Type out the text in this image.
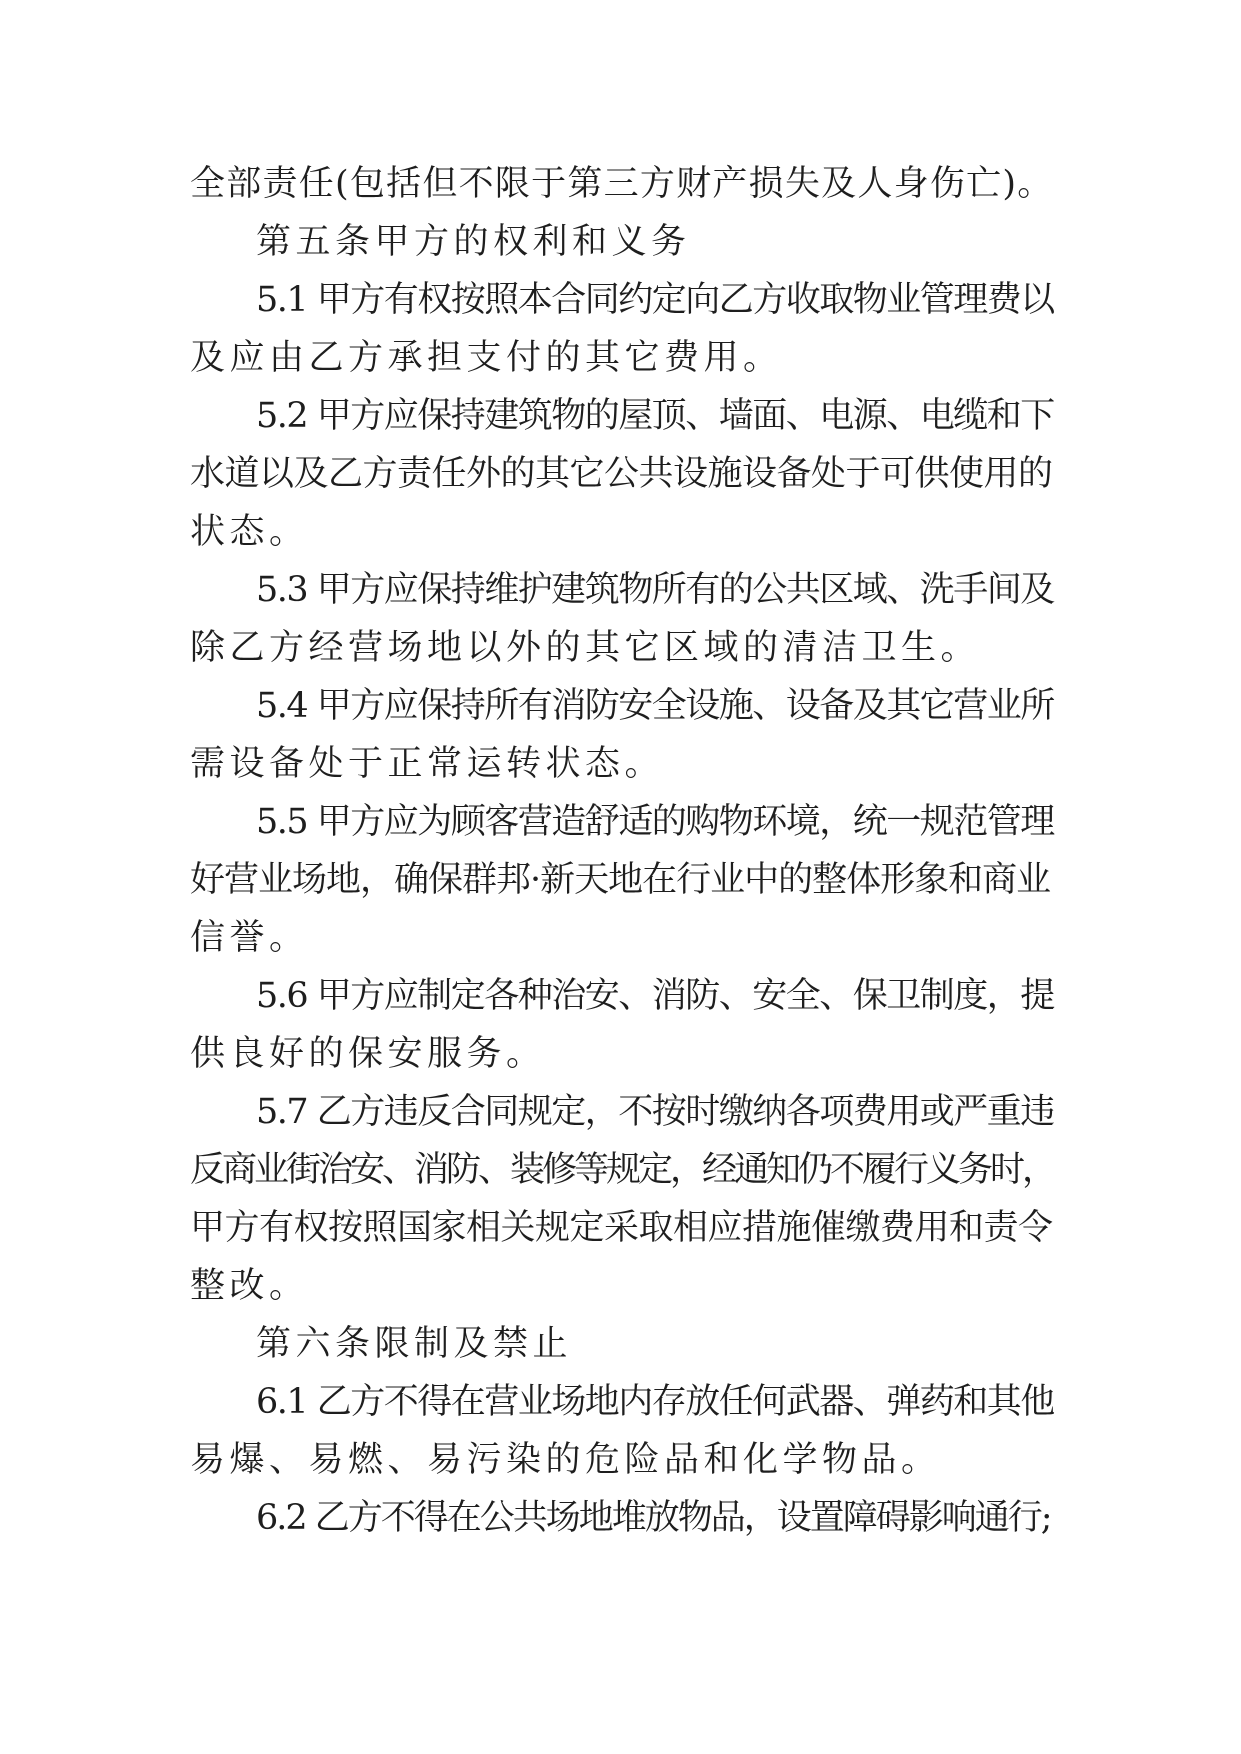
全部责任(包括但不限于第三方财产损失及人身伤亡)。
第五条甲方的权利和义务
5.1 甲方有权按照本合同约定向乙方收取物业管理费以
及应由乙方承担支付的其它费用。
5.2 甲方应保持建筑物的屋顶、墙面、电源、电缆和下
水道以及乙方责任外的其它公共设施设备处于可供使用的
状态。
5.3 甲方应保持维护建筑物所有的公共区域、洗手间及
除乙方经营场地以外的其它区域的清洁卫生。
5.4 甲方应保持所有消防安全设施、设备及其它营业所
需设备处于正常运转状态。
5.5 甲方应为顾客营造舒适的购物环境，统一规范管理
好营业场地，确保群邦·新天地在行业中的整体形象和商业
信誉。
5.6 甲方应制定各种治安、消防、安全、保卫制度，提
供良好的保安服务。
5.7 乙方违反合同规定，不按时缴纳各项费用或严重违
反商业街治安、消防、装修等规定，经通知仍不履行义务时，
甲方有权按照国家相关规定采取相应措施催缴费用和责令
整改。
第六条限制及禁止
6.1 乙方不得在营业场地内存放任何武器、弹药和其他
易爆、易燃、易污染的危险品和化学物品。
6.2 乙方不得在公共场地堆放物品，设置障碍影响通行;
